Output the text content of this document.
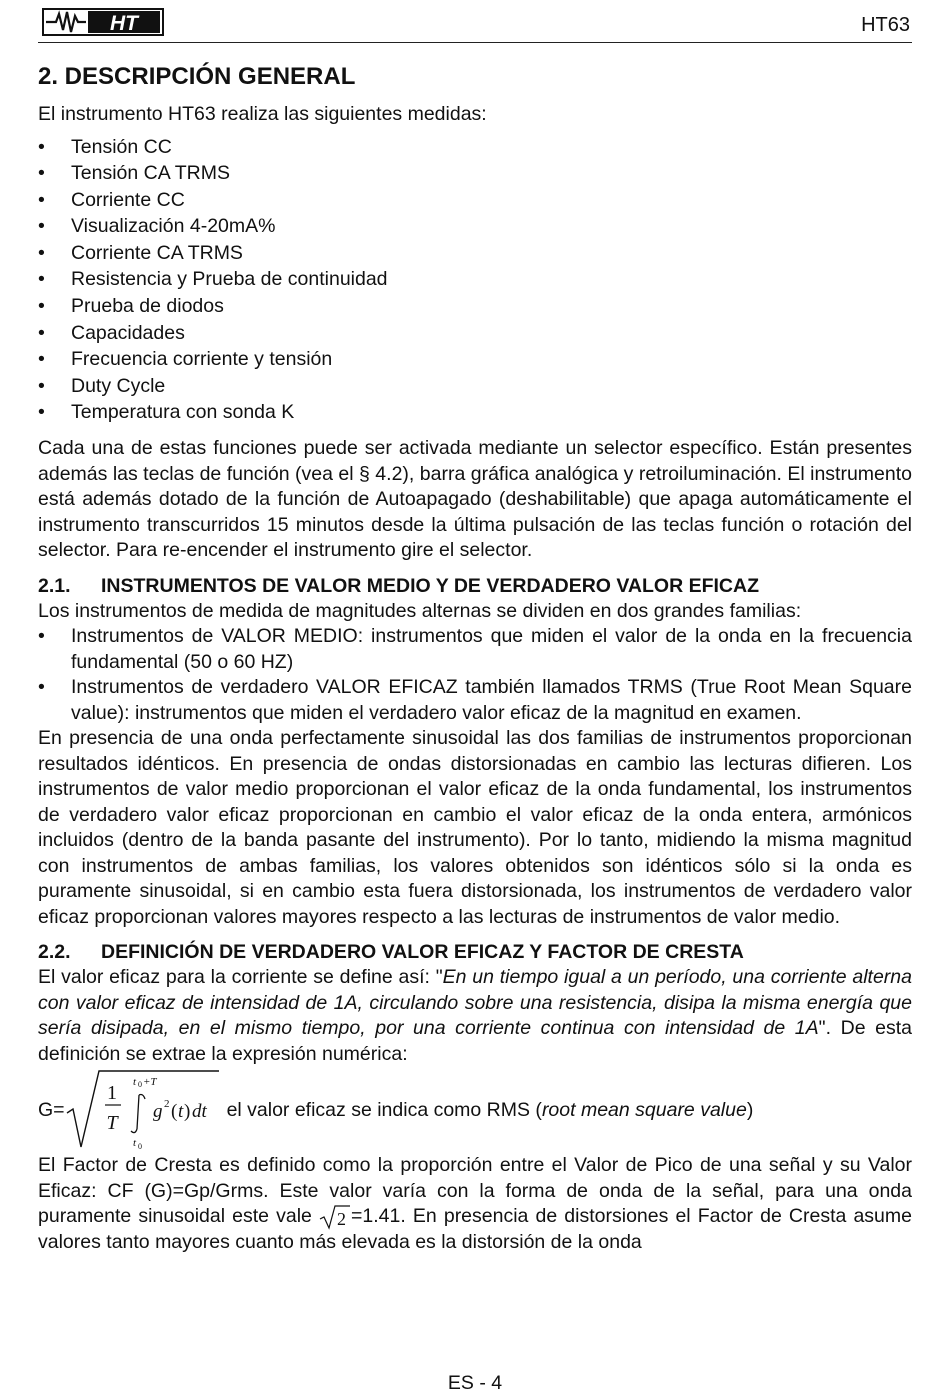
HT	HT63
2. DESCRIPCIÓN GENERAL

El instrumento HT63 realiza las siguientes medidas:

• Tensión CC
• Tensión CA TRMS
• Corriente CC
• Visualización 4-20mA%
• Corriente CA TRMS
• Resistencia y Prueba de continuidad
• Prueba de diodos
• Capacidades
• Frecuencia corriente y tensión
• Duty Cycle
• Temperatura con sonda K

Cada una de estas funciones puede ser activada mediante un selector específico. Están presentes además las teclas de función (vea el § 4.2), barra gráfica analógica y retroiluminación. El instrumento está además dotado de la función de Autoapagado (deshabilitable) que apaga automáticamente el instrumento transcurridos 15 minutos desde la última pulsación de las teclas función o rotación del selector. Para re-encender el instrumento gire el selector.

2.1. INSTRUMENTOS DE VALOR MEDIO Y DE VERDADERO VALOR EFICAZ

Los instrumentos de medida de magnitudes alternas se dividen en dos grandes familias:

• Instrumentos de VALOR MEDIO: instrumentos que miden el valor de la onda en la frecuencia fundamental (50 o 60 HZ)
• Instrumentos de verdadero VALOR EFICAZ también llamados TRMS (True Root Mean Square value): instrumentos que miden el verdadero valor eficaz de la magnitud en examen.

En presencia de una onda perfectamente sinusoidal las dos familias de instrumentos proporcionan resultados idénticos. En presencia de ondas distorsionadas en cambio las lecturas difieren. Los instrumentos de valor medio proporcionan el valor eficaz de la onda fundamental, los instrumentos de verdadero valor eficaz proporcionan en cambio el valor eficaz de la onda entera, armónicos incluidos (dentro de la banda pasante del instrumento). Por lo tanto, midiendo la misma magnitud con instrumentos de ambas familias, los valores obtenidos son idénticos sólo si la onda es puramente sinusoidal, si en cambio esta fuera distorsionada, los instrumentos de verdadero valor eficaz proporcionan valores mayores respecto a las lecturas de instrumentos de valor medio.

2.2. DEFINICIÓN DE VERDADERO VALOR EFICAZ Y FACTOR DE CRESTA

El valor eficaz para la corriente se define así: "En un tiempo igual a un período, una corriente alterna con valor eficaz de intensidad de 1A, circulando sobre una resistencia, disipa la misma energía que sería disipada, en el mismo tiempo, por una corriente continua con intensidad de 1A". De esta definición se extrae la expresión numérica:

G=
1
T
t 0 +T
t 0
g 2 ( t ) dt el valor eficaz se indica como RMS (root mean square value)

El Factor de Cresta es definido como la proporción entre el Valor de Pico de una señal y su Valor Eficaz: CF (G)=Gp/Grms. Este valor varía con la forma de onda de la señal, para una onda puramente sinusoidal este vale 2 =1.41. En presencia de distorsiones el Factor de Cresta asume valores tanto mayores cuanto más elevada es la distorsión de la onda

ES - 4
